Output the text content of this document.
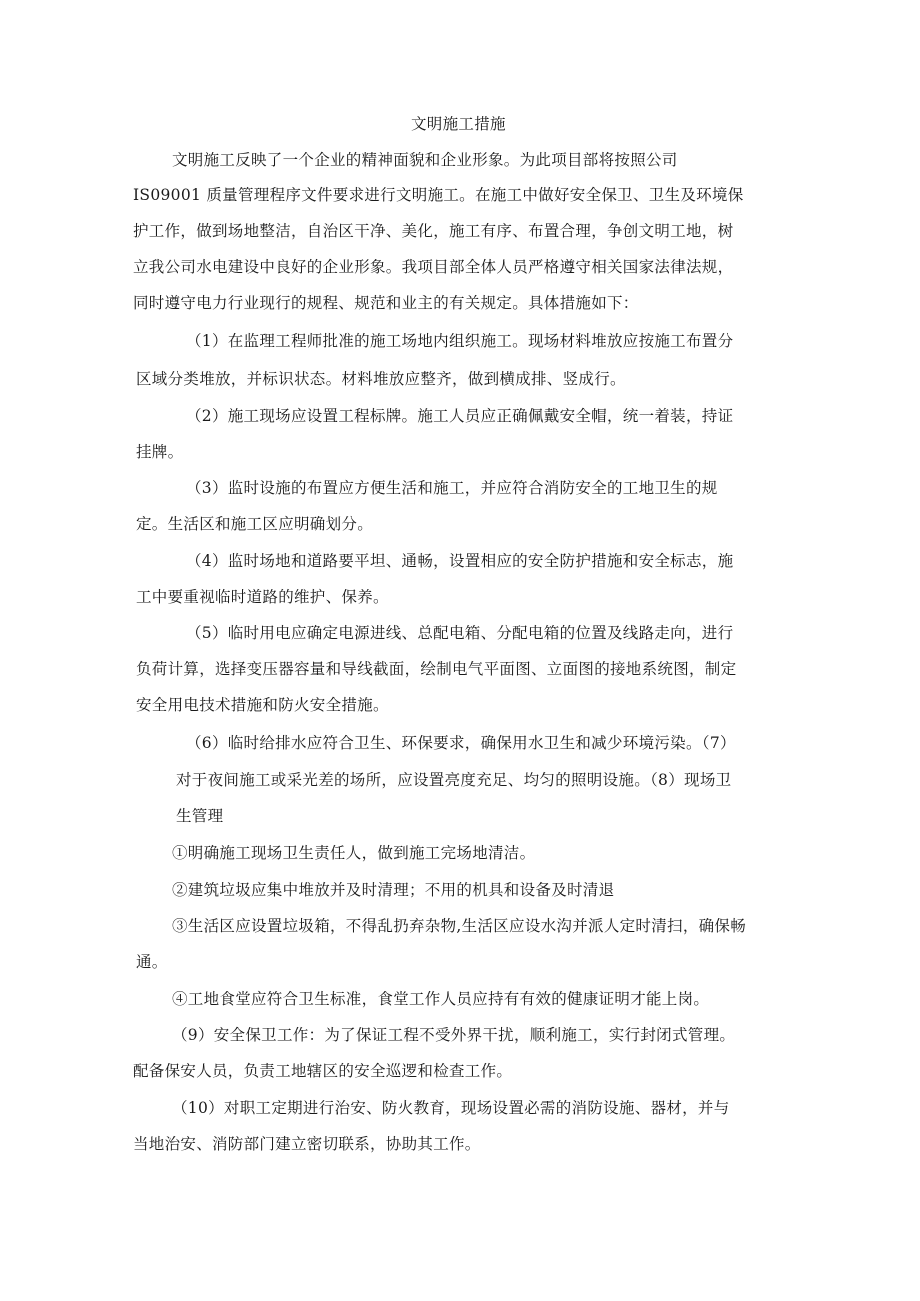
文明施工措施
文明施工反映了一个企业的精神面貌和企业形象。为此项目部将按照公司
IS09001 质量管理程序文件要求进行文明施工。在施工中做好安全保卫、卫生及环境保
护工作，做到场地整洁，自治区干净、美化，施工有序、布置合理，争创文明工地，树
立我公司水电建设中良好的企业形象。我项目部全体人员严格遵守相关国家法律法规，
同时遵守电力行业现行的规程、规范和业主的有关规定。具体措施如下：
（1）在监理工程师批准的施工场地内组织施工。现场材料堆放应按施工布置分
区域分类堆放，并标识状态。材料堆放应整齐，做到横成排、竖成行。
（2）施工现场应设置工程标牌。施工人员应正确佩戴安全帽，统一着装，持证
挂牌。
（3）监时设施的布置应方便生活和施工，并应符合消防安全的工地卫生的规
定。生活区和施工区应明确划分。
（4）监时场地和道路要平坦、通畅，设置相应的安全防护措施和安全标志，施
工中要重视临时道路的维护、保养。
（5）临时用电应确定电源进线、总配电箱、分配电箱的位置及线路走向，进行
负荷计算，选择变压器容量和导线截面，绘制电气平面图、立面图的接地系统图，制定
安全用电技术措施和防火安全措施。
（6）临时给排水应符合卫生、环保要求，确保用水卫生和减少环境污染。（7）
对于夜间施工或采光差的场所，应设置亮度充足、均匀的照明设施。（8）现场卫
生管理
①明确施工现场卫生责任人，做到施工完场地清洁。
②建筑垃圾应集中堆放并及时清理；不用的机具和设备及时清退
③生活区应设置垃圾箱，不得乱扔弃杂物,生活区应设水沟并派人定时清扫，确保畅
通。
④工地食堂应符合卫生标准，食堂工作人员应持有有效的健康证明才能上岗。
（9）安全保卫工作：为了保证工程不受外界干扰，顺利施工，实行封闭式管理。
配备保安人员，负责工地辖区的安全巡逻和检查工作。
（10）对职工定期进行治安、防火教育，现场设置必需的消防设施、器材，并与
当地治安、消防部门建立密切联系，协助其工作。
